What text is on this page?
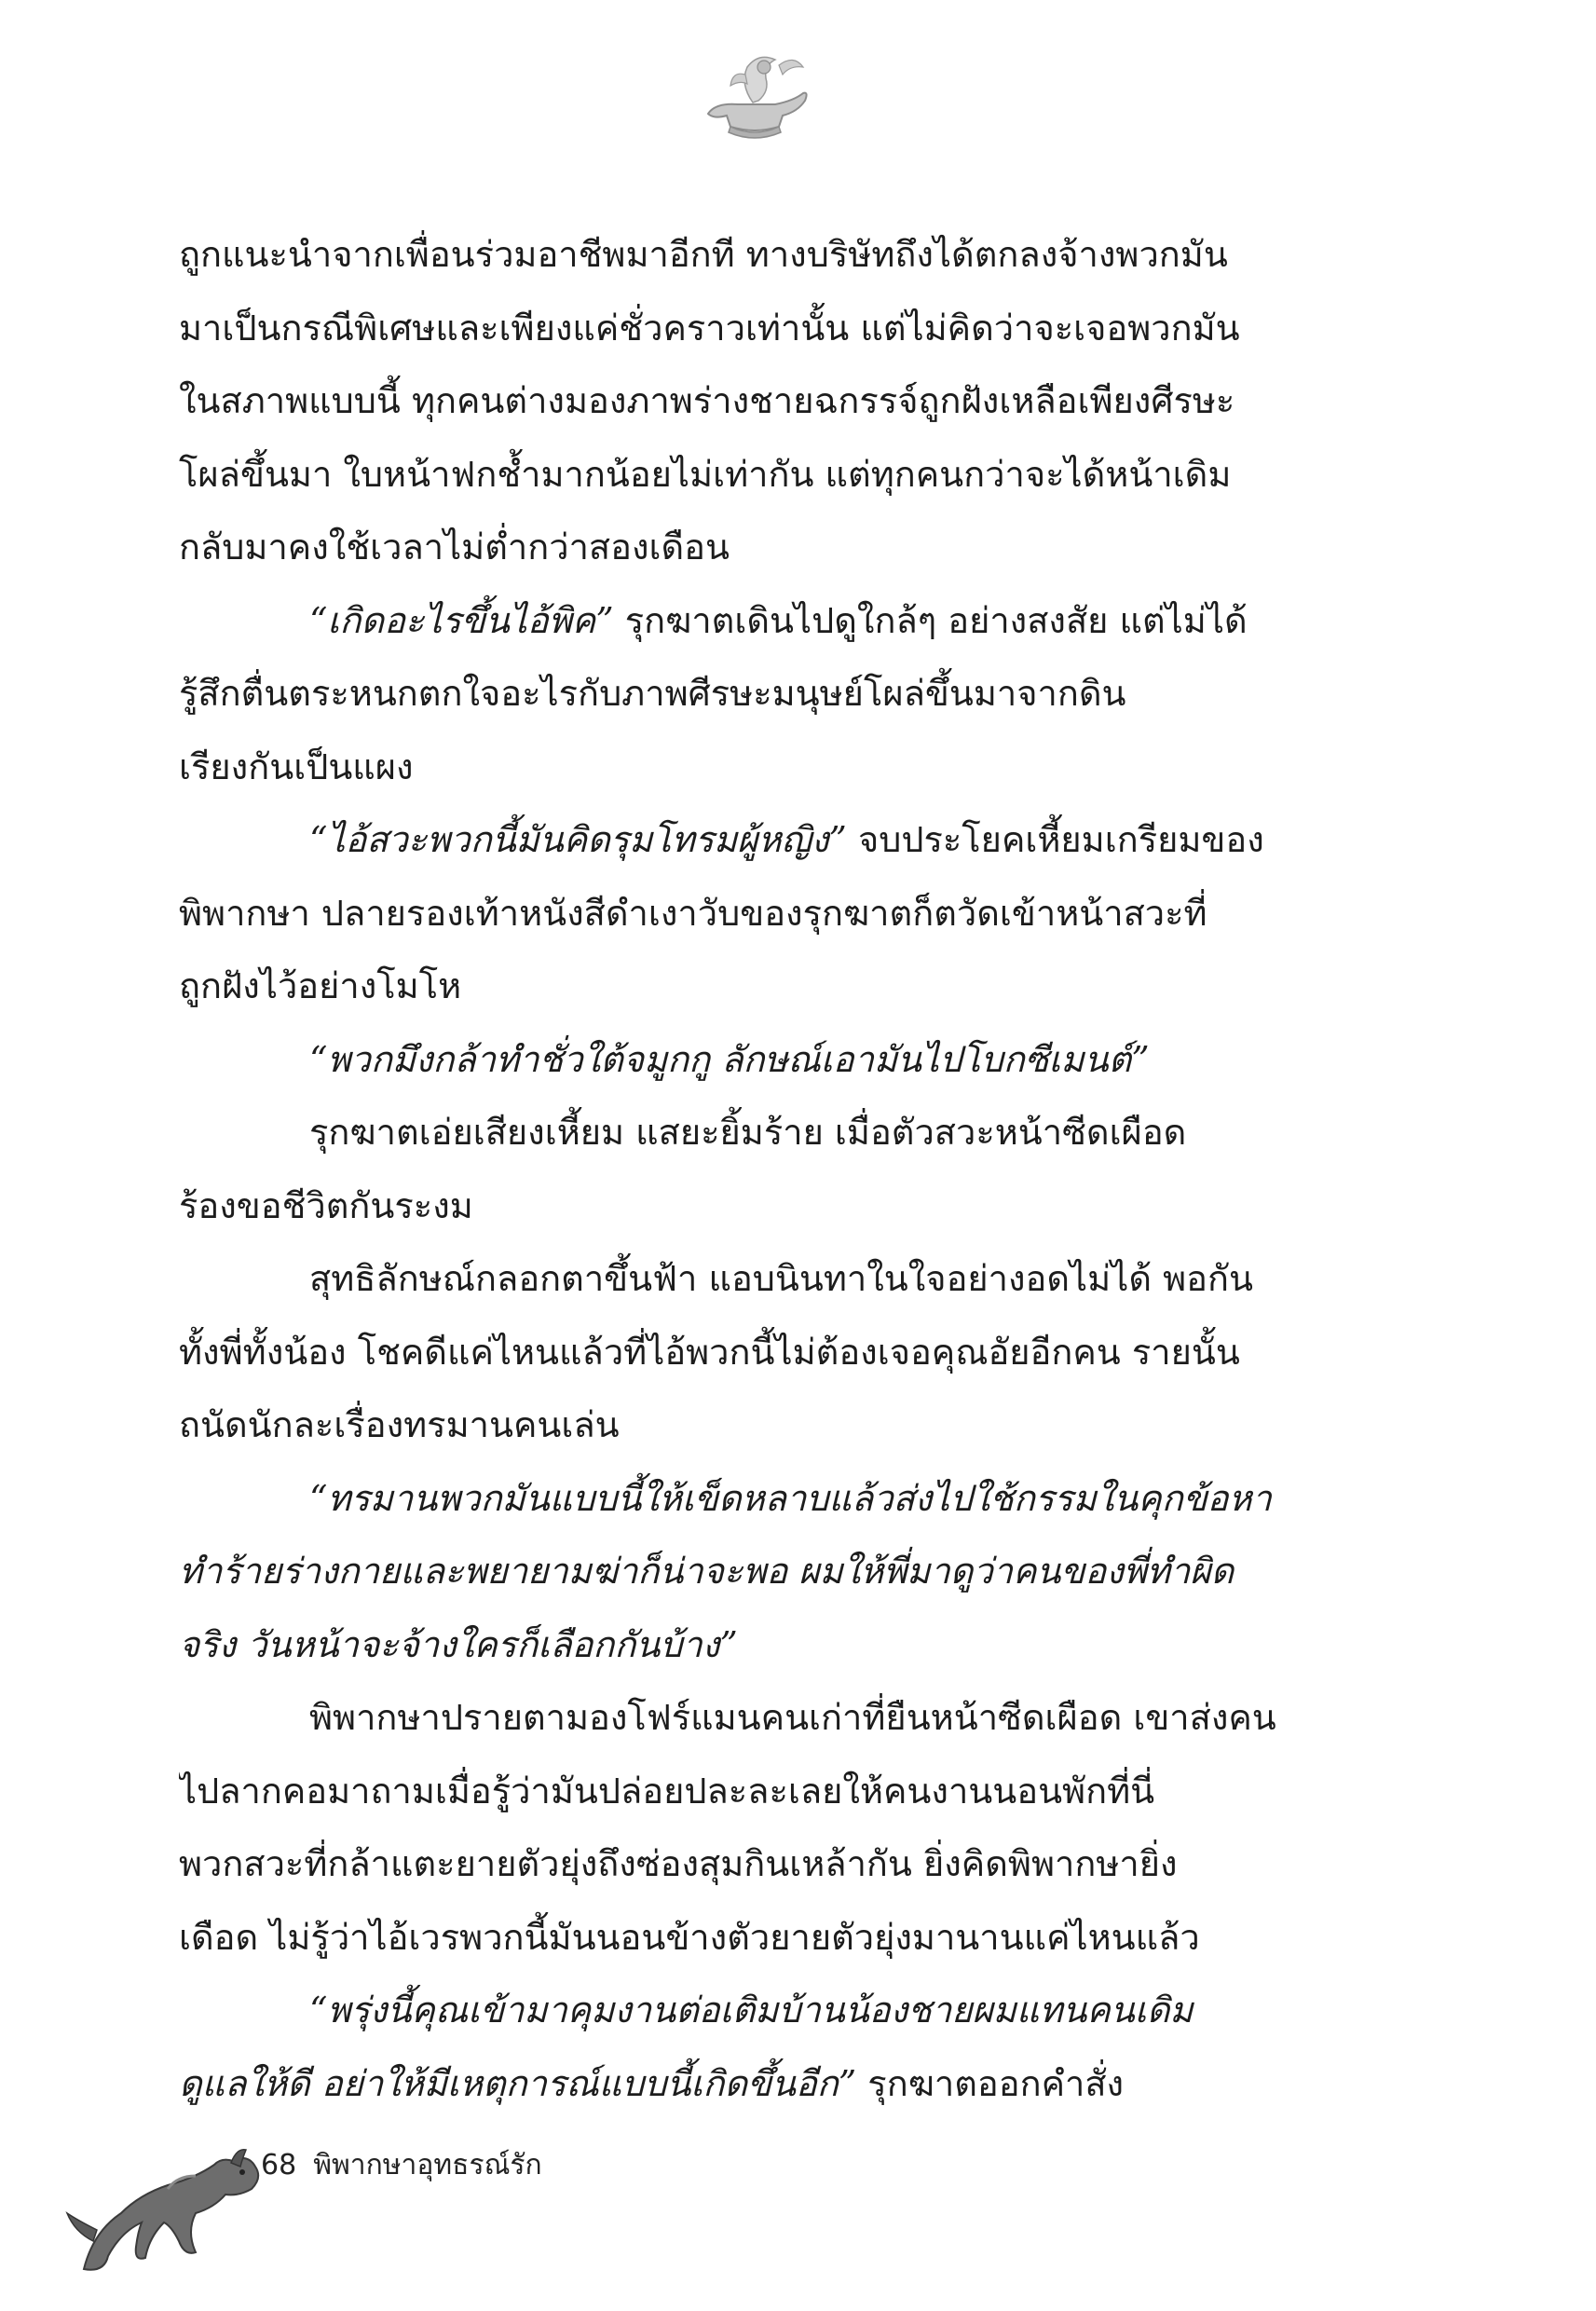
ถูกแนะนำจากเพื่อนร่วมอาชีพมาอีกที ทางบริษัทถึงได้ตกลงจ้างพวกมัน
มาเป็นกรณีพิเศษและเพียงแค่ชั่วคราวเท่านั้น แต่ไม่คิดว่าจะเจอพวกมัน
ในสภาพแบบนี้ ทุกคนต่างมองภาพร่างชายฉกรรจ์ถูกฝังเหลือเพียงศีรษะ
โผล่ขึ้นมา ใบหน้าฟกช้ำมากน้อยไม่เท่ากัน แต่ทุกคนกว่าจะได้หน้าเดิม
กลับมาคงใช้เวลาไม่ต่ำกว่าสองเดือน
“เกิดอะไรขึ้นไอ้พิค” รุกฆาตเดินไปดูใกล้ๆ อย่างสงสัย แต่ไม่ได้
รู้สึกตื่นตระหนกตกใจอะไรกับภาพศีรษะมนุษย์โผล่ขึ้นมาจากดิน
เรียงกันเป็นแผง
“ไอ้สวะพวกนี้มันคิดรุมโทรมผู้หญิง” จบประโยคเหี้ยมเกรียมของ
พิพากษา ปลายรองเท้าหนังสีดำเงาวับของรุกฆาตก็ตวัดเข้าหน้าสวะที่
ถูกฝังไว้อย่างโมโห
“พวกมึงกล้าทำชั่วใต้จมูกกู ลักษณ์เอามันไปโบกซีเมนต์”
รุกฆาตเอ่ยเสียงเหี้ยม แสยะยิ้มร้าย เมื่อตัวสวะหน้าซีดเผือด
ร้องขอชีวิตกันระงม
สุทธิลักษณ์กลอกตาขึ้นฟ้า แอบนินทาในใจอย่างอดไม่ได้ พอกัน
ทั้งพี่ทั้งน้อง โชคดีแค่ไหนแล้วที่ไอ้พวกนี้ไม่ต้องเจอคุณอัยอีกคน รายนั้น
ถนัดนักละเรื่องทรมานคนเล่น
“ทรมานพวกมันแบบนี้ให้เข็ดหลาบแล้วส่งไปใช้กรรมในคุกข้อหา
ทำร้ายร่างกายและพยายามฆ่าก็น่าจะพอ ผมให้พี่มาดูว่าคนของพี่ทำผิด
จริง วันหน้าจะจ้างใครก็เลือกกันบ้าง”
พิพากษาปรายตามองโฟร์แมนคนเก่าที่ยืนหน้าซีดเผือด เขาส่งคน
ไปลากคอมาถามเมื่อรู้ว่ามันปล่อยปละละเลยให้คนงานนอนพักที่นี่
พวกสวะที่กล้าแตะยายตัวยุ่งถึงซ่องสุมกินเหล้ากัน ยิ่งคิดพิพากษายิ่ง
เดือด ไม่รู้ว่าไอ้เวรพวกนี้มันนอนข้างตัวยายตัวยุ่งมานานแค่ไหนแล้ว
“พรุ่งนี้คุณเข้ามาคุมงานต่อเติมบ้านน้องชายผมแทนคนเดิม
ดูแลให้ดี อย่าให้มีเหตุการณ์แบบนี้เกิดขึ้นอีก” รุกฆาตออกคำสั่ง
68 พิพากษาอุทธรณ์รัก
